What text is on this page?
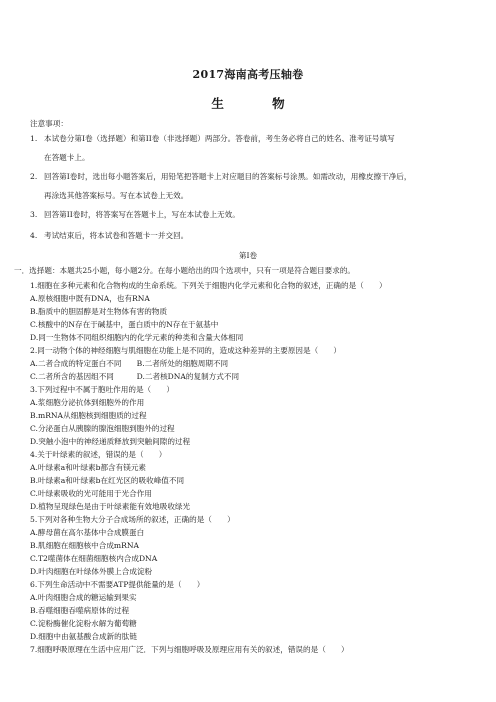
2017海南高考压轴卷
生 物
注意事项：
1. 本试卷分第I卷（选择题）和第II卷（非选择题）两部分。答卷前，考生务必将自己的姓名、准考证号填写
在答题卡上。
2. 回答第I卷时，选出每小题答案后，用铅笔把答题卡上对应题目的答案标号涂黑。如需改动，用橡皮擦干净后，
再涂选其他答案标号。写在本试卷上无效。
3. 回答第II卷时，将答案写在答题卡上，写在本试卷上无效。
4. 考试结束后，将本试卷和答题卡一并交回。
第I卷
一．选择题：本题共25小题，每小题2分。在每小题给出的四个选项中，只有一项是符合题目要求的。
1.细胞在多种元素和化合物构成的生命系统。下列关于细胞内化学元素和化合物的叙述，正确的是（　　）
A.原核细胞中既有DNA，也有RNA
B.脂质中的胆固醇是对生物体有害的物质
C.核酸中的N存在于碱基中，蛋白质中的N存在于氨基中
D.同一生物体不同组织细胞内的化学元素的种类和含量大体相同
2.同一动物个体的神经细胞与肌细胞在功能上是不同的，造成这种差异的主要原因是（　　）
A.二者合成的特定蛋白不同　　B.二者所处的细胞周期不同
C.二者所含的基因组不同　　　D.二者核DNA的复制方式不同
3.下列过程中不属于胞吐作用的是（　　）
A.浆细胞分泌抗体到细胞外的作用
B.mRNA从细胞核到细胞质的过程
C.分泌蛋白从胰腺的腺泡细胞到胞外的过程
D.突触小泡中的神经递质释放到突触间隙的过程
4.关于叶绿素的叙述，错误的是（　　）
A.叶绿素a和叶绿素b都含有镁元素
B.叶绿素a和叶绿素b在红光区的吸收峰值不同
C.叶绿素吸收的光可能用于光合作用
D.植物呈现绿色是由于叶绿素能有效地吸收绿光
5.下列对各种生物大分子合成场所的叙述，正确的是（　　）
A.酵母菌在高尔基体中合成膜蛋白
B.肌细胞在细胞核中合成mRNA
C.T2噬菌体在细菌细胞核内合成DNA
D.叶肉细胞在叶绿体外膜上合成淀粉
6.下列生命活动中不需要ATP提供能量的是（　　）
A.叶肉细胞合成的糖运输到果实
B.吞噬细胞吞噬病原体的过程
C.淀粉酶催化淀粉水解为葡萄糖
D.细胞中由氨基酸合成新的肽链
7.细胞呼吸原理在生活中应用广泛．下列与细胞呼吸及原理应用有关的叙述，错误的是（　　）
